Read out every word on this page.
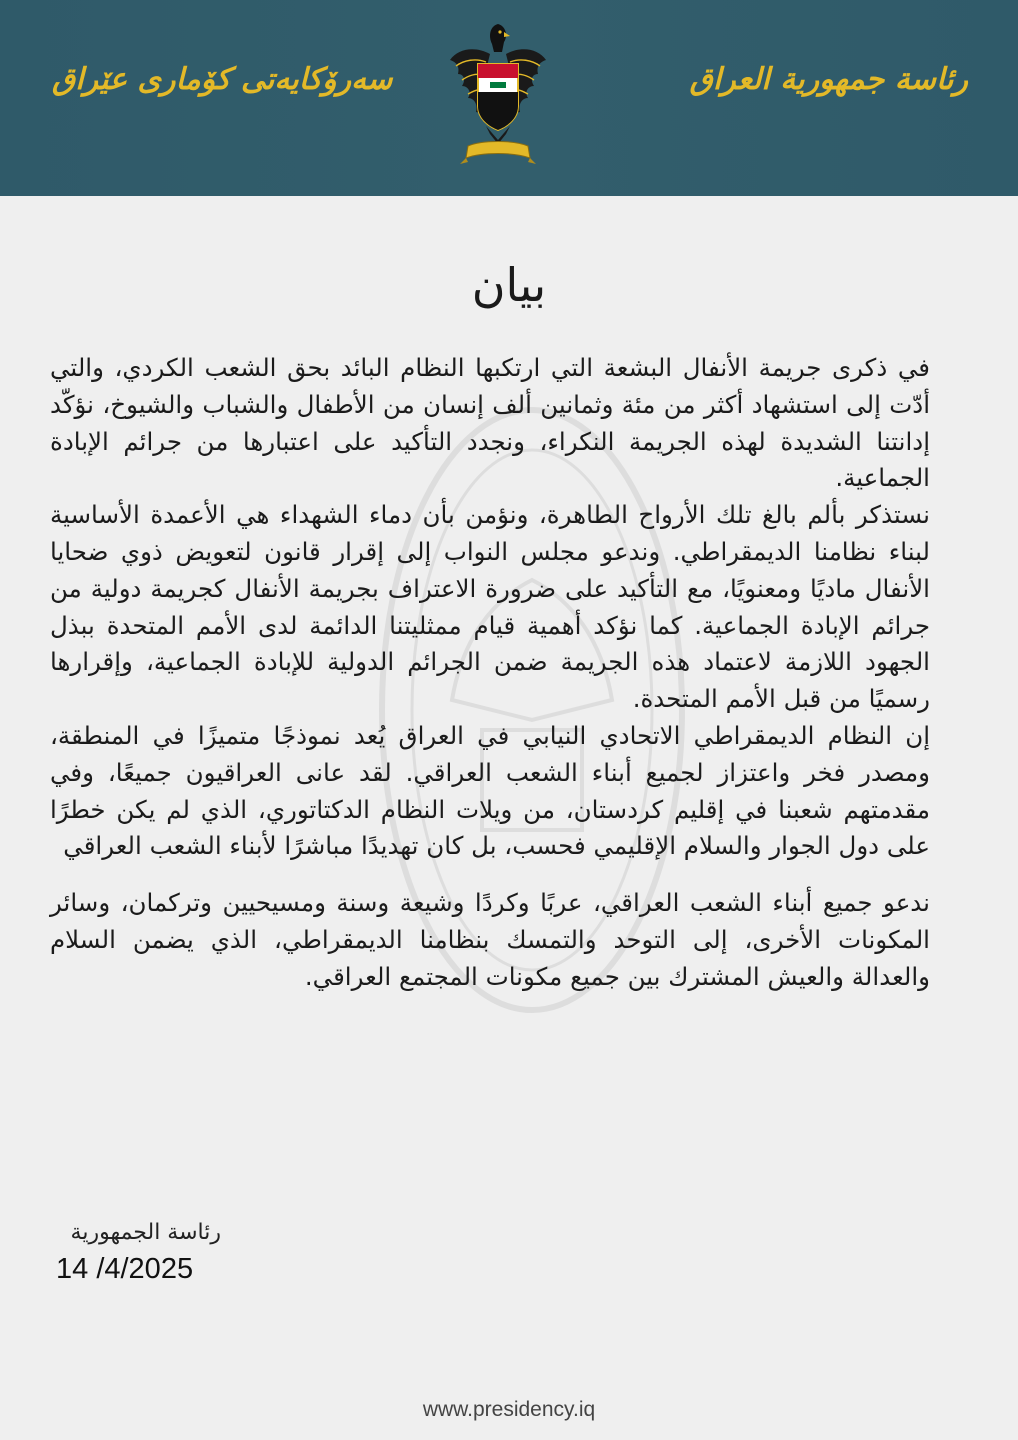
سەرۆکایەتی کۆماری عێراق	رئاسة جمهورية العراق
بيان

في ذكرى جريمة الأنفال البشعة التي ارتكبها النظام البائد بحق الشعب الكردي، والتي أدّت إلى استشهاد أكثر من مئة وثمانين ألف إنسان من الأطفال والشباب والشيوخ، نؤكّد إدانتنا الشديدة لهذه الجريمة النكراء، ونجدد التأكيد على اعتبارها من جرائم الإبادة الجماعية.

نستذكر بألم بالغ تلك الأرواح الطاهرة، ونؤمن بأن دماء الشهداء هي الأعمدة الأساسية لبناء نظامنا الديمقراطي. وندعو مجلس النواب إلى إقرار قانون لتعويض ذوي ضحايا الأنفال ماديًا ومعنويًا، مع التأكيد على ضرورة الاعتراف بجريمة الأنفال كجريمة دولية من جرائم الإبادة الجماعية. كما نؤكد أهمية قيام ممثليتنا الدائمة لدى الأمم المتحدة ببذل الجهود اللازمة لاعتماد هذه الجريمة ضمن الجرائم الدولية للإبادة الجماعية، وإقرارها رسميًا من قبل الأمم المتحدة.

إن النظام الديمقراطي الاتحادي النيابي في العراق يُعد نموذجًا متميزًا في المنطقة، ومصدر فخر واعتزاز لجميع أبناء الشعب العراقي. لقد عانى العراقيون جميعًا، وفي مقدمتهم شعبنا في إقليم كردستان، من ويلات النظام الدكتاتوري، الذي لم يكن خطرًا على دول الجوار والسلام الإقليمي فحسب، بل كان تهديدًا مباشرًا لأبناء الشعب العراقي

ندعو جميع أبناء الشعب العراقي، عربًا وكردًا وشيعة وسنة ومسيحيين وتركمان، وسائر المكونات الأخرى، إلى التوحد والتمسك بنظامنا الديمقراطي، الذي يضمن السلام والعدالة والعيش المشترك بين جميع مكونات المجتمع العراقي.

رئاسة الجمهورية
14 /4/2025
www.presidency.iq
